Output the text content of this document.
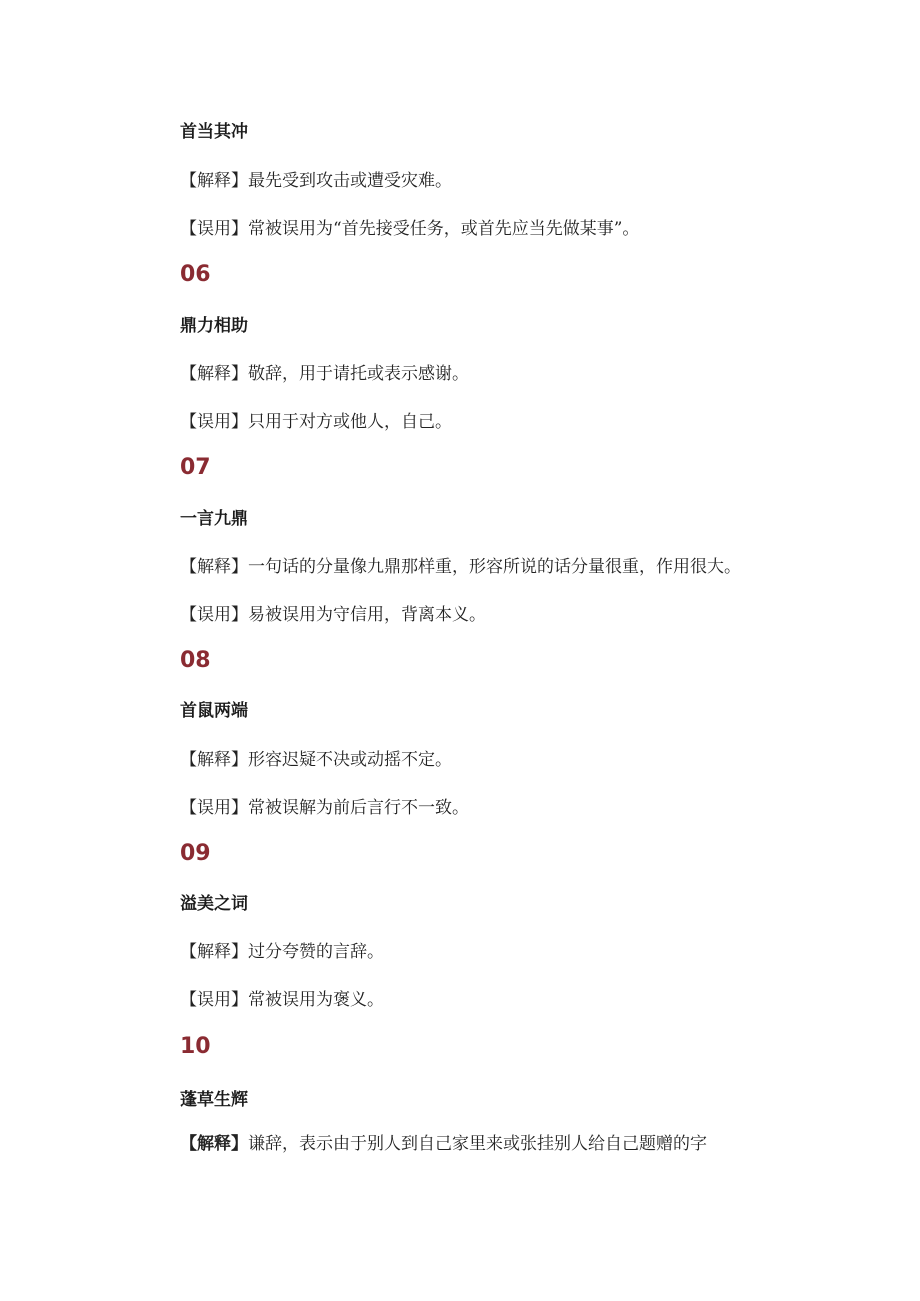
首当其冲
【解释】最先受到攻击或遭受灾难。
【误用】常被误用为“首先接受任务，或首先应当先做某事”。
06
鼎力相助
【解释】敬辞，用于请托或表示感谢。
【误用】只用于对方或他人，自己。
07
一言九鼎
【解释】一句话的分量像九鼎那样重，形容所说的话分量很重，作用很大。
【误用】易被误用为守信用，背离本义。
08
首鼠两端
【解释】形容迟疑不决或动摇不定。
【误用】常被误解为前后言行不一致。
09
溢美之词
【解释】过分夸赞的言辞。
【误用】常被误用为褒义。
10
蓬草生辉
【解释】谦辞，表示由于别人到自己家里来或张挂别人给自己题赠的字
